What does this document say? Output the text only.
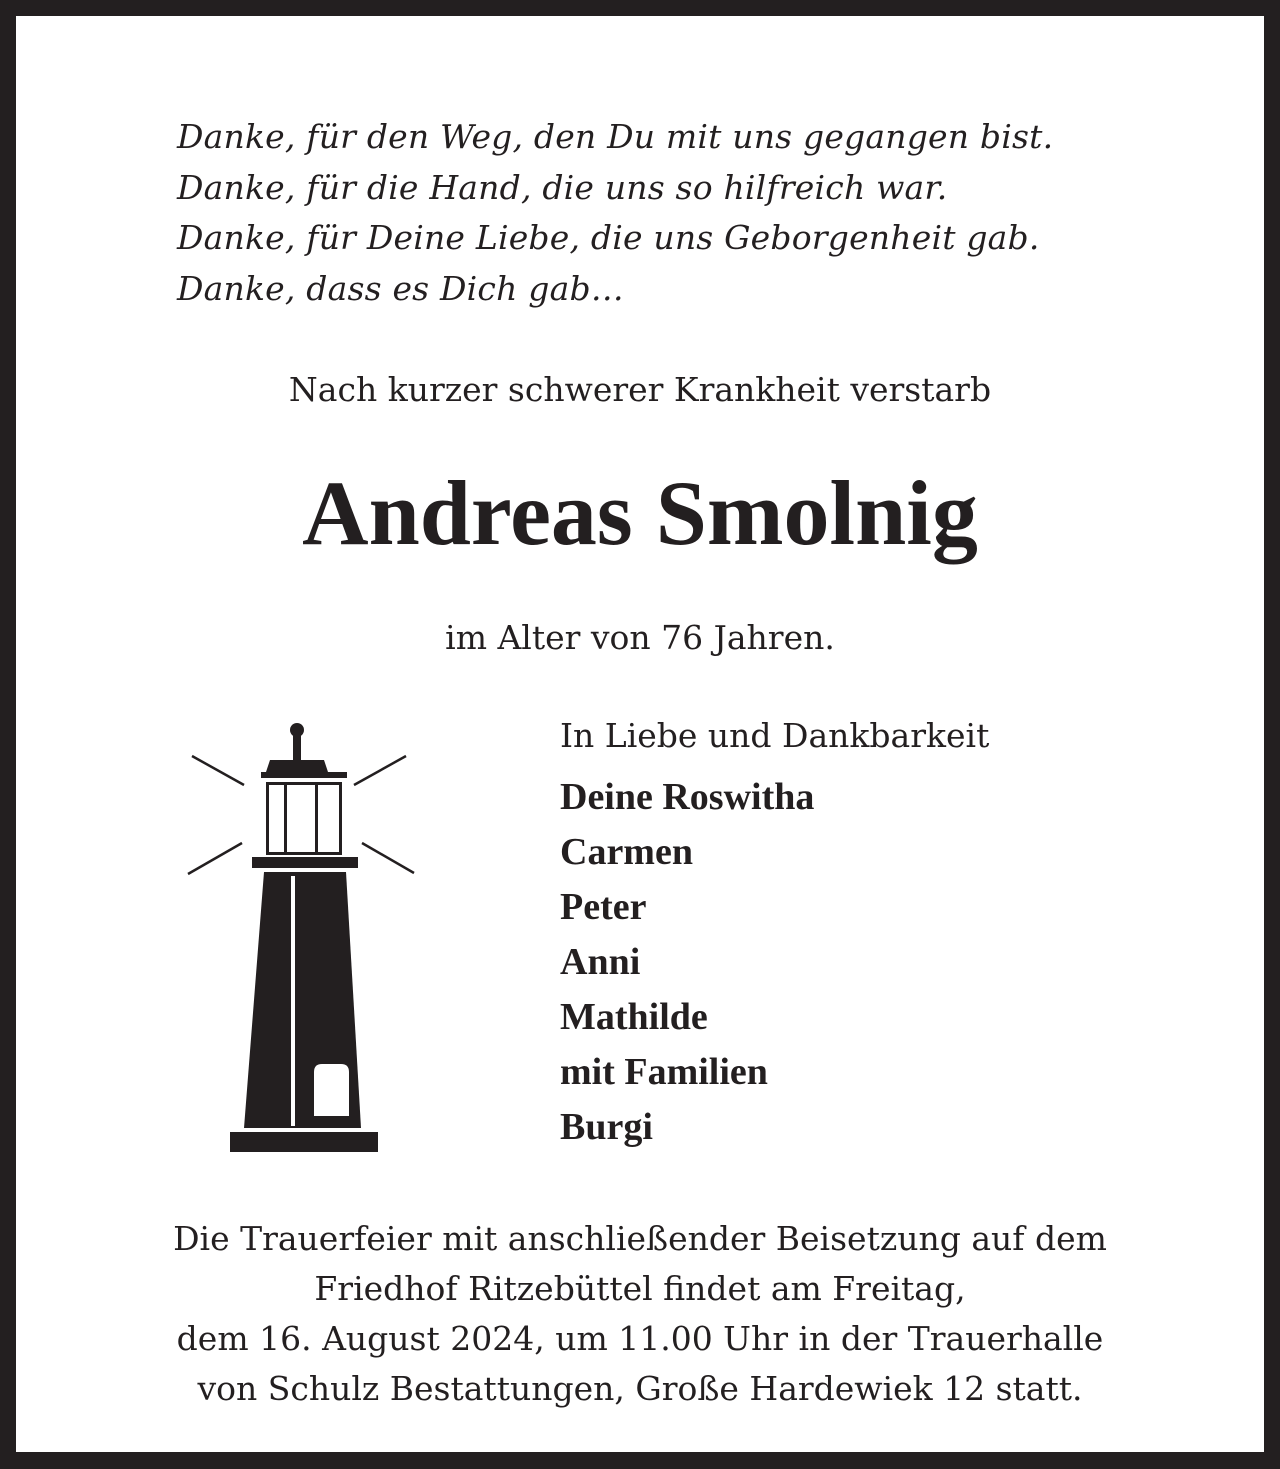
Danke, für den Weg, den Du mit uns gegangen bist.
Danke, für die Hand, die uns so hilfreich war.
Danke, für Deine Liebe, die uns Geborgenheit gab.
Danke, dass es Dich gab…
Nach kurzer schwerer Krankheit verstarb
Andreas Smolnig
im Alter von 76 Jahren.
In Liebe und Dankbarkeit
Deine Roswitha
Carmen
Peter
Anni
Mathilde
mit Familien
Burgi
Die Trauerfeier mit anschließender Beisetzung auf dem
Friedhof Ritzebüttel findet am Freitag,
dem 16. August 2024, um 11.00 Uhr in der Trauerhalle
von Schulz Bestattungen, Große Hardewiek 12 statt.
